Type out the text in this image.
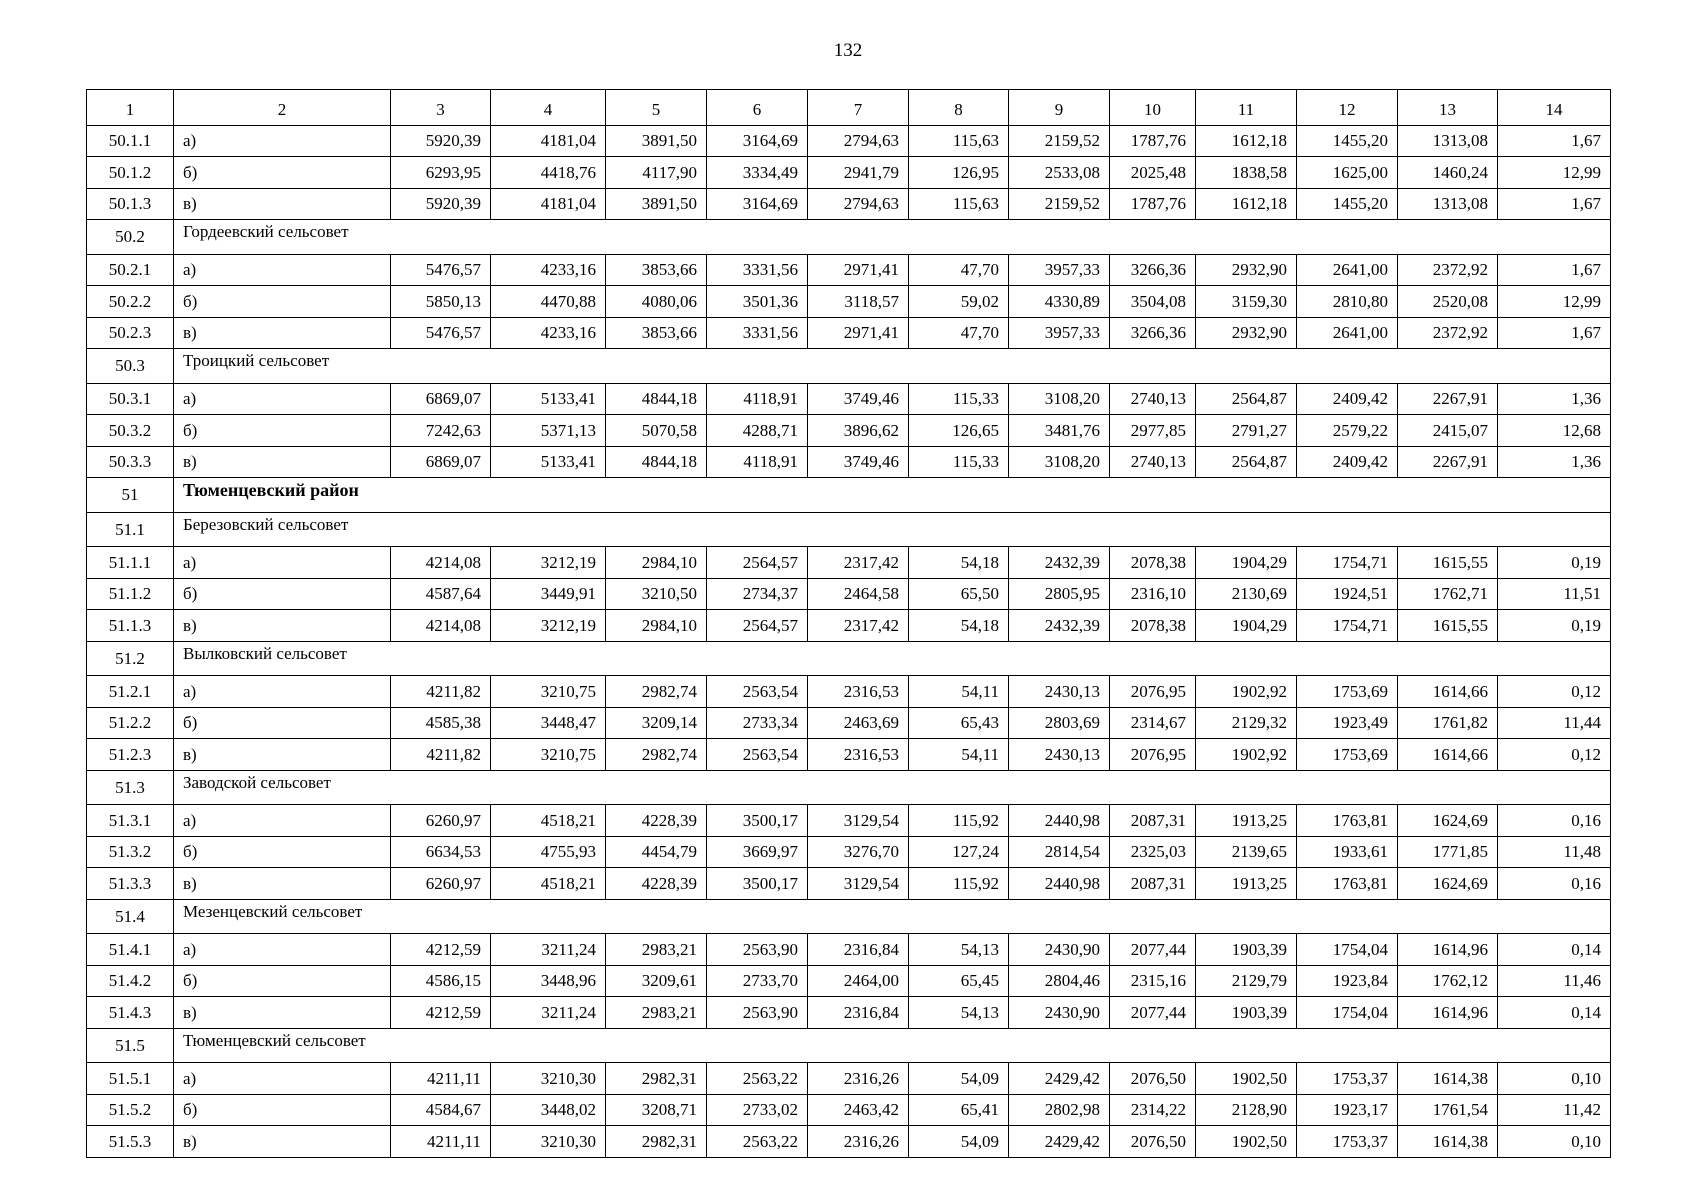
132
1	2	3	4	5	6	7	8	9	10	11	12	13	14
50.1.1	а)	5920,39	4181,04	3891,50	3164,69	2794,63	115,63	2159,52	1787,76	1612,18	1455,20	1313,08	1,67
50.1.2	б)	6293,95	4418,76	4117,90	3334,49	2941,79	126,95	2533,08	2025,48	1838,58	1625,00	1460,24	12,99
50.1.3	в)	5920,39	4181,04	3891,50	3164,69	2794,63	115,63	2159,52	1787,76	1612,18	1455,20	1313,08	1,67
50.2	Гордеевский сельсовет												
50.2.1	а)	5476,57	4233,16	3853,66	3331,56	2971,41	47,70	3957,33	3266,36	2932,90	2641,00	2372,92	1,67
50.2.2	б)	5850,13	4470,88	4080,06	3501,36	3118,57	59,02	4330,89	3504,08	3159,30	2810,80	2520,08	12,99
50.2.3	в)	5476,57	4233,16	3853,66	3331,56	2971,41	47,70	3957,33	3266,36	2932,90	2641,00	2372,92	1,67
50.3	Троицкий сельсовет												
50.3.1	а)	6869,07	5133,41	4844,18	4118,91	3749,46	115,33	3108,20	2740,13	2564,87	2409,42	2267,91	1,36
50.3.2	б)	7242,63	5371,13	5070,58	4288,71	3896,62	126,65	3481,76	2977,85	2791,27	2579,22	2415,07	12,68
50.3.3	в)	6869,07	5133,41	4844,18	4118,91	3749,46	115,33	3108,20	2740,13	2564,87	2409,42	2267,91	1,36
51	Тюменцевский район												
51.1	Березовский сельсовет												
51.1.1	а)	4214,08	3212,19	2984,10	2564,57	2317,42	54,18	2432,39	2078,38	1904,29	1754,71	1615,55	0,19
51.1.2	б)	4587,64	3449,91	3210,50	2734,37	2464,58	65,50	2805,95	2316,10	2130,69	1924,51	1762,71	11,51
51.1.3	в)	4214,08	3212,19	2984,10	2564,57	2317,42	54,18	2432,39	2078,38	1904,29	1754,71	1615,55	0,19
51.2	Вылковский сельсовет												
51.2.1	а)	4211,82	3210,75	2982,74	2563,54	2316,53	54,11	2430,13	2076,95	1902,92	1753,69	1614,66	0,12
51.2.2	б)	4585,38	3448,47	3209,14	2733,34	2463,69	65,43	2803,69	2314,67	2129,32	1923,49	1761,82	11,44
51.2.3	в)	4211,82	3210,75	2982,74	2563,54	2316,53	54,11	2430,13	2076,95	1902,92	1753,69	1614,66	0,12
51.3	Заводской сельсовет												
51.3.1	а)	6260,97	4518,21	4228,39	3500,17	3129,54	115,92	2440,98	2087,31	1913,25	1763,81	1624,69	0,16
51.3.2	б)	6634,53	4755,93	4454,79	3669,97	3276,70	127,24	2814,54	2325,03	2139,65	1933,61	1771,85	11,48
51.3.3	в)	6260,97	4518,21	4228,39	3500,17	3129,54	115,92	2440,98	2087,31	1913,25	1763,81	1624,69	0,16
51.4	Мезенцевский сельсовет												
51.4.1	а)	4212,59	3211,24	2983,21	2563,90	2316,84	54,13	2430,90	2077,44	1903,39	1754,04	1614,96	0,14
51.4.2	б)	4586,15	3448,96	3209,61	2733,70	2464,00	65,45	2804,46	2315,16	2129,79	1923,84	1762,12	11,46
51.4.3	в)	4212,59	3211,24	2983,21	2563,90	2316,84	54,13	2430,90	2077,44	1903,39	1754,04	1614,96	0,14
51.5	Тюменцевский сельсовет												
51.5.1	а)	4211,11	3210,30	2982,31	2563,22	2316,26	54,09	2429,42	2076,50	1902,50	1753,37	1614,38	0,10
51.5.2	б)	4584,67	3448,02	3208,71	2733,02	2463,42	65,41	2802,98	2314,22	2128,90	1923,17	1761,54	11,42
51.5.3	в)	4211,11	3210,30	2982,31	2563,22	2316,26	54,09	2429,42	2076,50	1902,50	1753,37	1614,38	0,10
